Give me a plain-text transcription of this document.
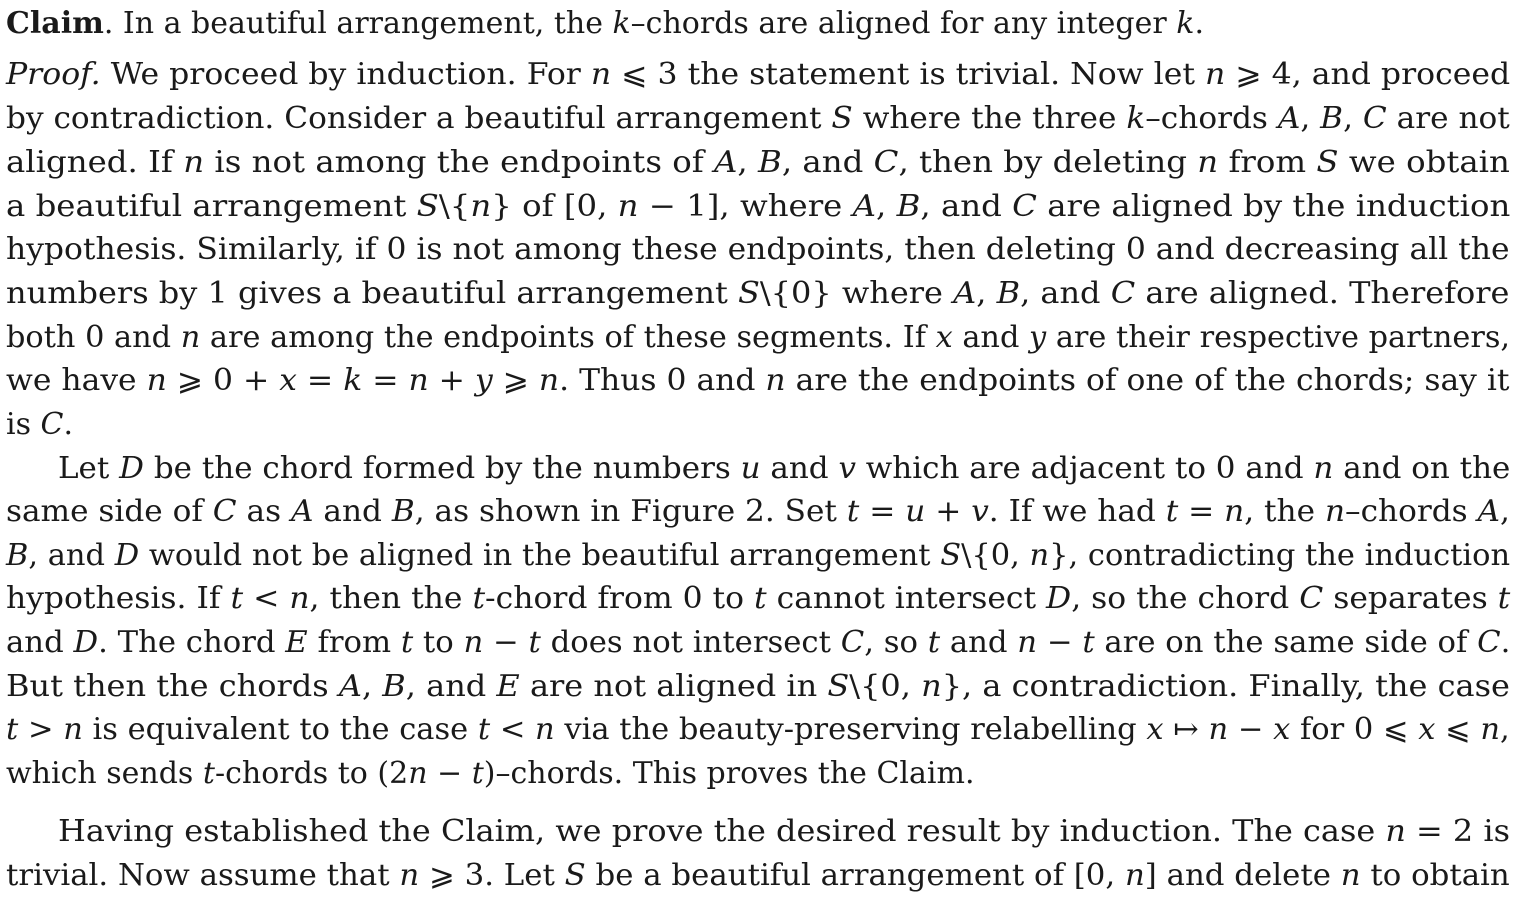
Claim. In a beautiful arrangement, the k–chords are aligned for any integer k.
Proof. We proceed by induction. For n ⩽ 3 the statement is trivial. Now let n ⩾ 4, and proceed
by contradiction. Consider a beautiful arrangement S where the three k–chords A, B, C are not
aligned. If n is not among the endpoints of A, B, and C, then by deleting n from S we obtain
a beautiful arrangement S\{n} of [0, n − 1], where A, B, and C are aligned by the induction
hypothesis. Similarly, if 0 is not among these endpoints, then deleting 0 and decreasing all the
numbers by 1 gives a beautiful arrangement S\{0} where A, B, and C are aligned. Therefore
both 0 and n are among the endpoints of these segments. If x and y are their respective partners,
we have n ⩾ 0 + x = k = n + y ⩾ n. Thus 0 and n are the endpoints of one of the chords; say it
is C.
Let D be the chord formed by the numbers u and v which are adjacent to 0 and n and on the
same side of C as A and B, as shown in Figure 2. Set t = u + v. If we had t = n, the n–chords A,
B, and D would not be aligned in the beautiful arrangement S\{0, n}, contradicting the induction
hypothesis. If t < n, then the t-chord from 0 to t cannot intersect D, so the chord C separates t
and D. The chord E from t to n − t does not intersect C, so t and n − t are on the same side of C.
But then the chords A, B, and E are not aligned in S\{0, n}, a contradiction. Finally, the case
t > n is equivalent to the case t < n via the beauty-preserving relabelling x ↦ n − x for 0 ⩽ x ⩽ n,
which sends t-chords to (2n − t)–chords. This proves the Claim.
Having established the Claim, we prove the desired result by induction. The case n = 2 is
trivial. Now assume that n ⩾ 3. Let S be a beautiful arrangement of [0, n] and delete n to obtain
